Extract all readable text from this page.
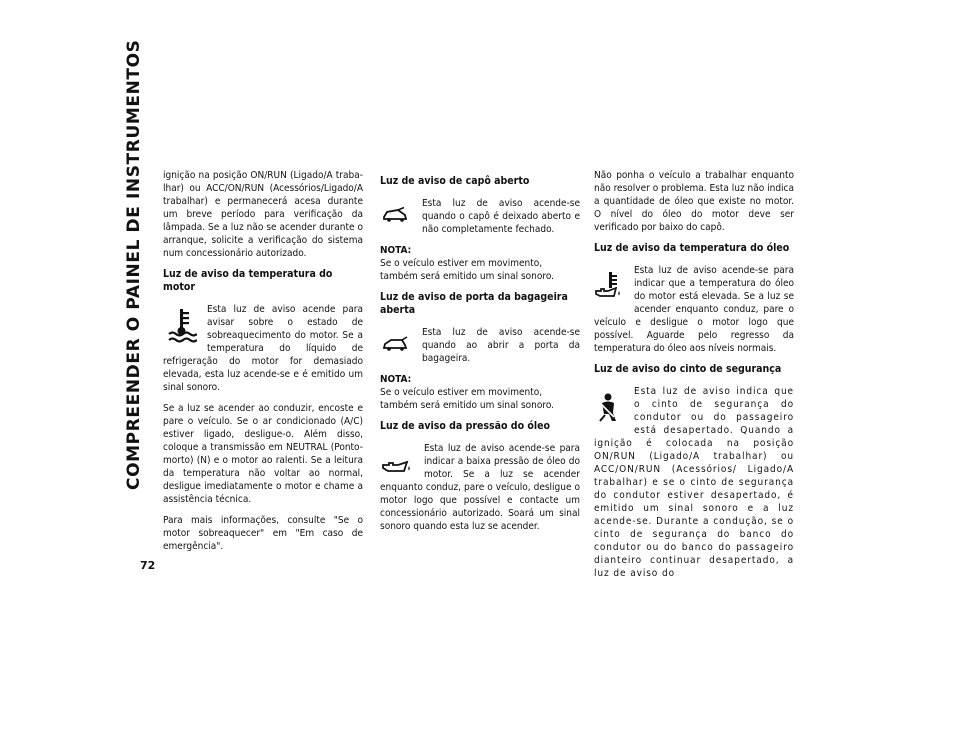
COMPREENDER O PAINEL DE INSTRUMENTOS
72

ignição na posição ON/RUN (Ligado/A trabalhar) ou ACC/ON/RUN (Acessórios/Ligado/A trabalhar) e permanecerá acesa durante um breve período para verificação da lâmpada. Se a luz não se acender durante o arranque, solicite a verificação do sistema num concessionário autorizado.

Luz de aviso da temperatura do motor

Esta luz de aviso acende para avisar sobre o estado de sobreaquecimento do motor. Se a temperatura do líquido de refrigeração do motor for demasiado elevada, esta luz acende-se e é emitido um sinal sonoro.

Se a luz se acender ao conduzir, encoste e pare o veículo. Se o ar condicionado (A/C) estiver ligado, desligue-o. Além disso, coloque a transmissão em NEUTRAL (Ponto-morto) (N) e o motor ao ralenti. Se a leitura da temperatura não voltar ao normal, desligue imediatamente o motor e chame a assistência técnica.

Para mais informações, consulte "Se o motor sobreaquecer" em "Em caso de emergência".

Luz de aviso de capô aberto

Esta luz de aviso acende-se quando o capô é deixado aberto e não completamente fechado.

NOTA:
Se o veículo estiver em movimento, também será emitido um sinal sonoro.
Luz de aviso de porta da bagageira aberta

Esta luz de aviso acende-se quando ao abrir a porta da bagageira.

NOTA:
Se o veículo estiver em movimento, também será emitido um sinal sonoro.
Luz de aviso da pressão do óleo

Esta luz de aviso acende-se para indicar a baixa pressão de óleo do motor. Se a luz se acender enquanto conduz, pare o veículo, desligue o motor logo que possível e contacte um concessionário autorizado. Soará um sinal sonoro quando esta luz se acender.

Não ponha o veículo a trabalhar enquanto não resolver o problema. Esta luz não indica a quantidade de óleo que existe no motor. O nível do óleo do motor deve ser verificado por baixo do capô.

Luz de aviso da temperatura do óleo

Esta luz de aviso acende-se para indicar que a temperatura do óleo do motor está elevada. Se a luz se acender enquanto conduz, pare o veículo e desligue o motor logo que possível. Aguarde pelo regresso da temperatura do óleo aos níveis normais.

Luz de aviso do cinto de segurança

Esta luz de aviso indica que o cinto de segurança do condutor ou do passageiro está desapertado. Quando a ignição é colocada na posição ON/RUN (Ligado/A trabalhar) ou ACC/ON/RUN (Acessórios/ Ligado/A trabalhar) e se o cinto de segurança do condutor estiver desapertado, é emitido um sinal sonoro e a luz acende-se. Durante a condução, se o cinto de segurança do banco do condutor ou do banco do passageiro dianteiro continuar desapertado, a luz de aviso do
